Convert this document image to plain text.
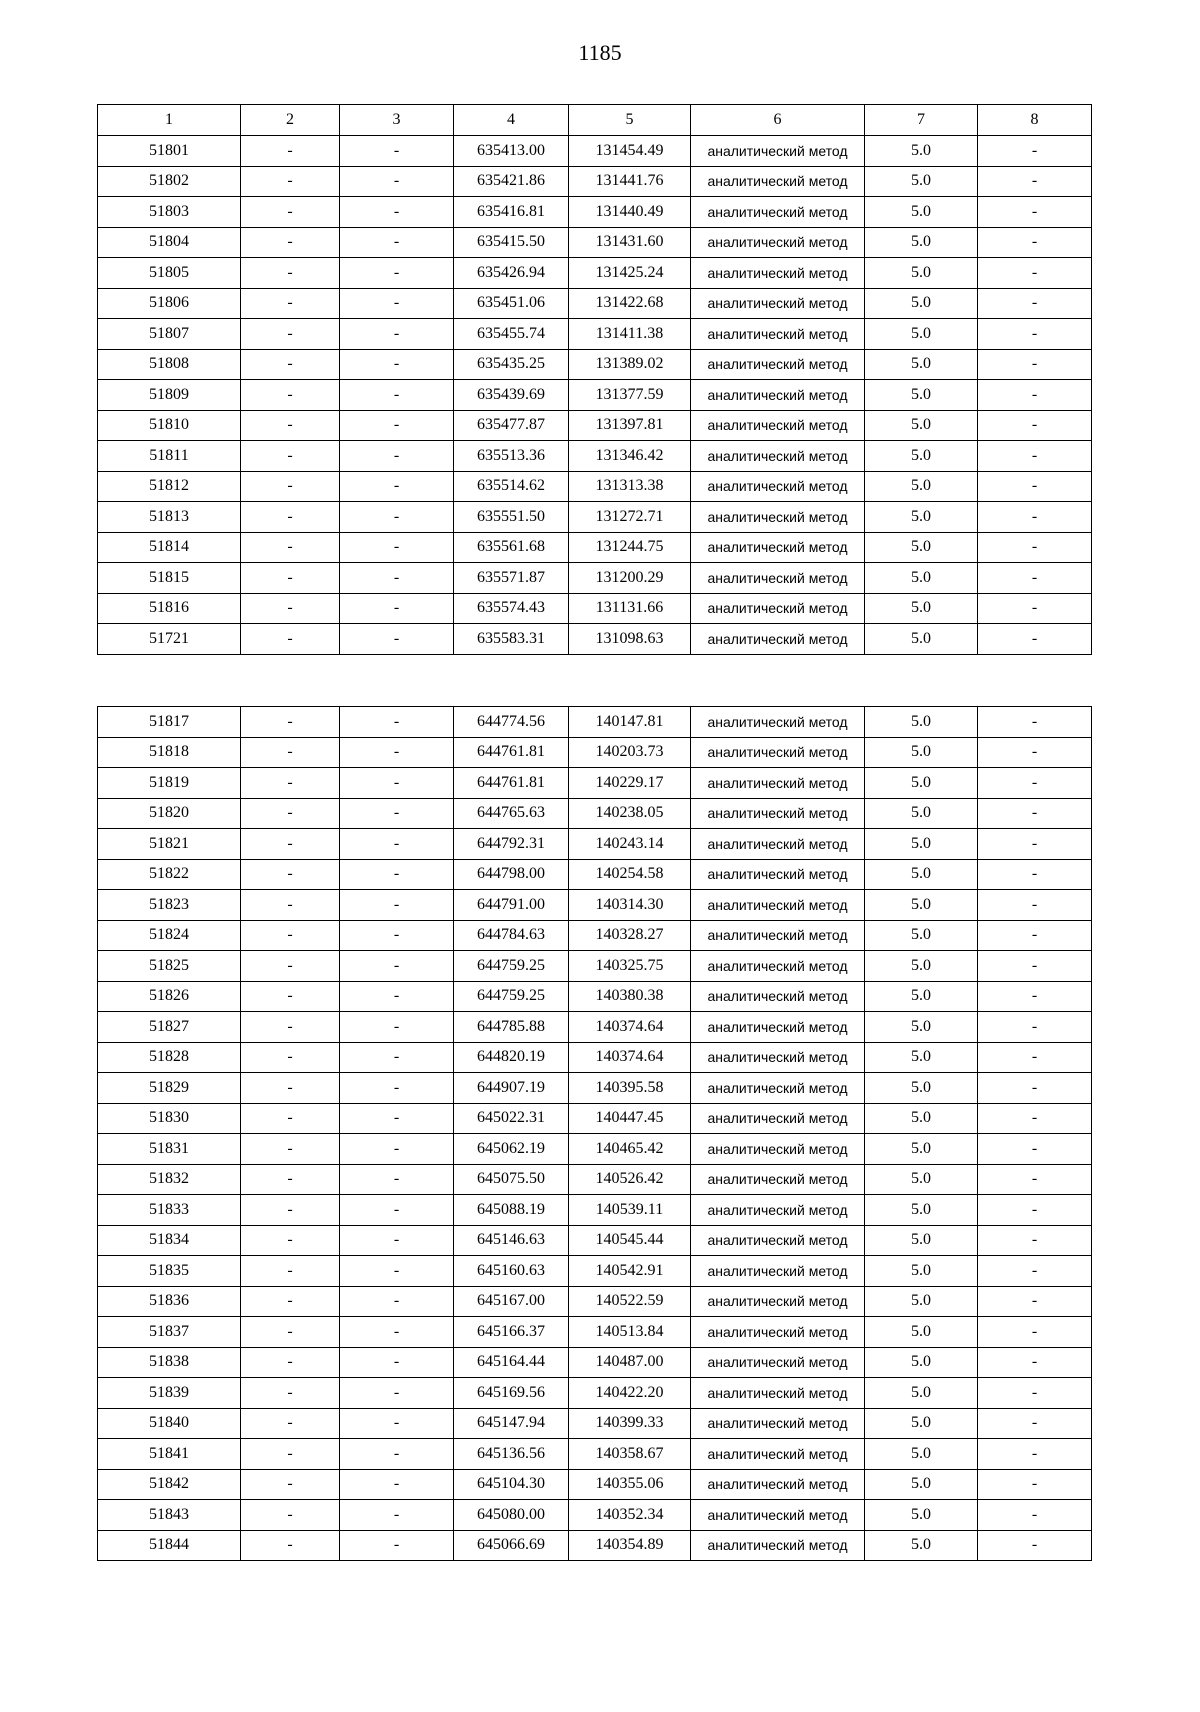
1185
1	2	3	4	5	6	7	8
51801	-	-	635413.00	131454.49	аналитический метод	5.0	-
51802	-	-	635421.86	131441.76	аналитический метод	5.0	-
51803	-	-	635416.81	131440.49	аналитический метод	5.0	-
51804	-	-	635415.50	131431.60	аналитический метод	5.0	-
51805	-	-	635426.94	131425.24	аналитический метод	5.0	-
51806	-	-	635451.06	131422.68	аналитический метод	5.0	-
51807	-	-	635455.74	131411.38	аналитический метод	5.0	-
51808	-	-	635435.25	131389.02	аналитический метод	5.0	-
51809	-	-	635439.69	131377.59	аналитический метод	5.0	-
51810	-	-	635477.87	131397.81	аналитический метод	5.0	-
51811	-	-	635513.36	131346.42	аналитический метод	5.0	-
51812	-	-	635514.62	131313.38	аналитический метод	5.0	-
51813	-	-	635551.50	131272.71	аналитический метод	5.0	-
51814	-	-	635561.68	131244.75	аналитический метод	5.0	-
51815	-	-	635571.87	131200.29	аналитический метод	5.0	-
51816	-	-	635574.43	131131.66	аналитический метод	5.0	-
51721	-	-	635583.31	131098.63	аналитический метод	5.0	-
51817	-	-	644774.56	140147.81	аналитический метод	5.0	-
51818	-	-	644761.81	140203.73	аналитический метод	5.0	-
51819	-	-	644761.81	140229.17	аналитический метод	5.0	-
51820	-	-	644765.63	140238.05	аналитический метод	5.0	-
51821	-	-	644792.31	140243.14	аналитический метод	5.0	-
51822	-	-	644798.00	140254.58	аналитический метод	5.0	-
51823	-	-	644791.00	140314.30	аналитический метод	5.0	-
51824	-	-	644784.63	140328.27	аналитический метод	5.0	-
51825	-	-	644759.25	140325.75	аналитический метод	5.0	-
51826	-	-	644759.25	140380.38	аналитический метод	5.0	-
51827	-	-	644785.88	140374.64	аналитический метод	5.0	-
51828	-	-	644820.19	140374.64	аналитический метод	5.0	-
51829	-	-	644907.19	140395.58	аналитический метод	5.0	-
51830	-	-	645022.31	140447.45	аналитический метод	5.0	-
51831	-	-	645062.19	140465.42	аналитический метод	5.0	-
51832	-	-	645075.50	140526.42	аналитический метод	5.0	-
51833	-	-	645088.19	140539.11	аналитический метод	5.0	-
51834	-	-	645146.63	140545.44	аналитический метод	5.0	-
51835	-	-	645160.63	140542.91	аналитический метод	5.0	-
51836	-	-	645167.00	140522.59	аналитический метод	5.0	-
51837	-	-	645166.37	140513.84	аналитический метод	5.0	-
51838	-	-	645164.44	140487.00	аналитический метод	5.0	-
51839	-	-	645169.56	140422.20	аналитический метод	5.0	-
51840	-	-	645147.94	140399.33	аналитический метод	5.0	-
51841	-	-	645136.56	140358.67	аналитический метод	5.0	-
51842	-	-	645104.30	140355.06	аналитический метод	5.0	-
51843	-	-	645080.00	140352.34	аналитический метод	5.0	-
51844	-	-	645066.69	140354.89	аналитический метод	5.0	-
